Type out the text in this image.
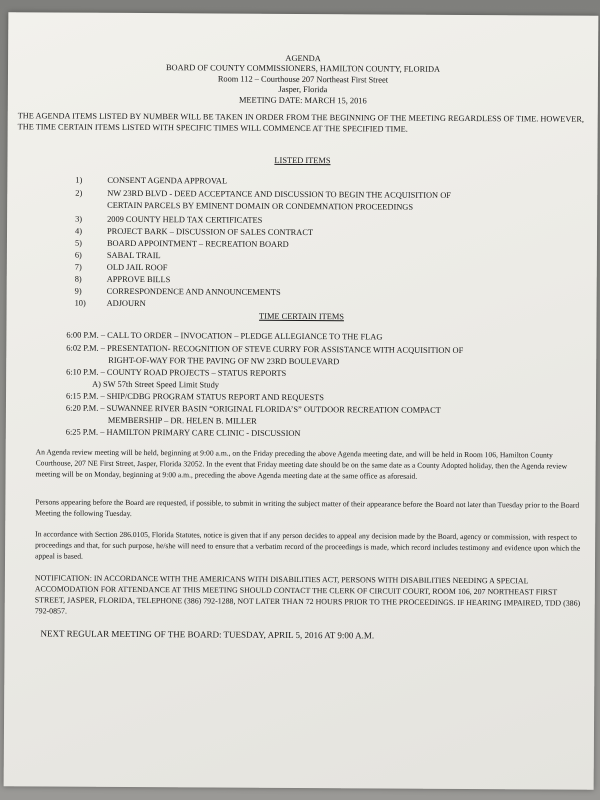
AGENDA
BOARD OF COUNTY COMMISSIONERS, HAMILTON COUNTY, FLORIDA
Room 112 – Courthouse 207 Northeast First Street
Jasper, Florida
MEETING DATE: MARCH 15, 2016
THE AGENDA ITEMS LISTED BY NUMBER WILL BE TAKEN IN ORDER FROM THE BEGINNING OF THE MEETING REGARDLESS OF TIME. HOWEVER, THE TIME CERTAIN ITEMS LISTED WITH SPECIFIC TIMES WILL COMMENCE AT THE SPECIFIED TIME.
LISTED ITEMS
1)	CONSENT AGENDA APPROVAL
2)	NW 23RD BLVD - DEED ACCEPTANCE AND DISCUSSION TO BEGIN THE ACQUISITION OF
CERTAIN PARCELS BY EMINENT DOMAIN OR CONDEMNATION PROCEEDINGS
3)	2009 COUNTY HELD TAX CERTIFICATES
4)	PROJECT BARK – DISCUSSION OF SALES CONTRACT
5)	BOARD APPOINTMENT – RECREATION BOARD
6)	SABAL TRAIL
7)	OLD JAIL ROOF
8)	APPROVE BILLS
9)	CORRESPONDENCE AND ANNOUNCEMENTS
10)	ADJOURN
TIME CERTAIN ITEMS
6:00 P.M. – CALL TO ORDER – INVOCATION – PLEDGE ALLEGIANCE TO THE FLAG
6:02 P.M. – PRESENTATION- RECOGNITION OF STEVE CURRY FOR ASSISTANCE WITH ACQUISITION OF
RIGHT-OF-WAY FOR THE PAVING OF NW 23RD BOULEVARD
6:10 P.M. – COUNTY ROAD PROJECTS – STATUS REPORTS
A) SW 57th Street Speed Limit Study
6:15 P.M. – SHIP/CDBG PROGRAM STATUS REPORT AND REQUESTS
6:20 P.M. – SUWANNEE RIVER BASIN “ORIGINAL FLORIDA’S” OUTDOOR RECREATION COMPACT
MEMBERSHIP – DR. HELEN B. MILLER
6:25 P.M. – HAMILTON PRIMARY CARE CLINIC - DISCUSSION
An Agenda review meeting will be held, beginning at 9:00 a.m., on the Friday preceding the above Agenda meeting date, and will be held in Room 106, Hamilton County Courthouse, 207 NE First Street, Jasper, Florida 32052. In the event that Friday meeting date should be on the same date as a County Adopted holiday, then the Agenda review meeting will be on Monday, beginning at 9:00 a.m., preceding the above Agenda meeting date at the same office as aforesaid.
Persons appearing before the Board are requested, if possible, to submit in writing the subject matter of their appearance before the Board not later than Tuesday prior to the Board Meeting the following Tuesday.
In accordance with Section 286.0105, Florida Statutes, notice is given that if any person decides to appeal any decision made by the Board, agency or commission, with respect to proceedings and that, for such purpose, he/she will need to ensure that a verbatim record of the proceedings is made, which record includes testimony and evidence upon which the appeal is based.
NOTIFICATION: IN ACCORDANCE WITH THE AMERICANS WITH DISABILITIES ACT, PERSONS WITH DISABILITIES NEEDING A SPECIAL ACCOMODATION FOR ATTENDANCE AT THIS MEETING SHOULD CONTACT THE CLERK OF CIRCUIT COURT, ROOM 106, 207 NORTHEAST FIRST STREET, JASPER, FLORIDA, TELEPHONE (386) 792-1288, NOT LATER THAN 72 HOURS PRIOR TO THE PROCEEDINGS. IF HEARING IMPAIRED, TDD (386) 792-0857.
NEXT REGULAR MEETING OF THE BOARD: TUESDAY, APRIL 5, 2016 AT 9:00 A.M.
